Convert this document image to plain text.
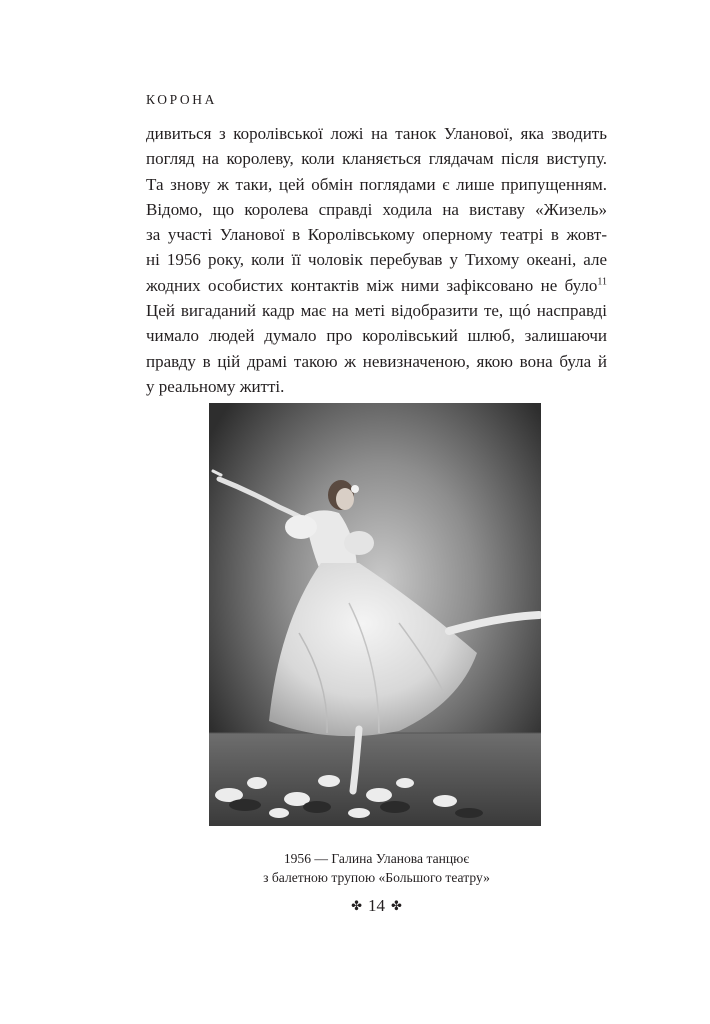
КОРОНА
дивиться з королівської ложі на танок Уланової, яка зводить
погляд на королеву, коли кланяється глядачам після виступу.
Та знову ж таки, цей обмін поглядами є лише припущенням.
Відомо, що королева справді ходила на виставу «Жизель»
за участі Уланової в Королівському оперному театрі в жовт-
ні 1956 року, коли її чоловік перебував у Тихому океані, але
жодних особистих контактів між ними зафіксовано не було$^{11}$
Цей вигаданий кадр має на меті відобразити те, щó насправді
чимало людей думало про королівський шлюб, залишаючи
правду в цій драмі такою ж невизначеною, якою вона була й
у реальному житті.
1956 — Галина Уланова танцює
з балетною трупою «Большого театру»
✤ 14 ✤
